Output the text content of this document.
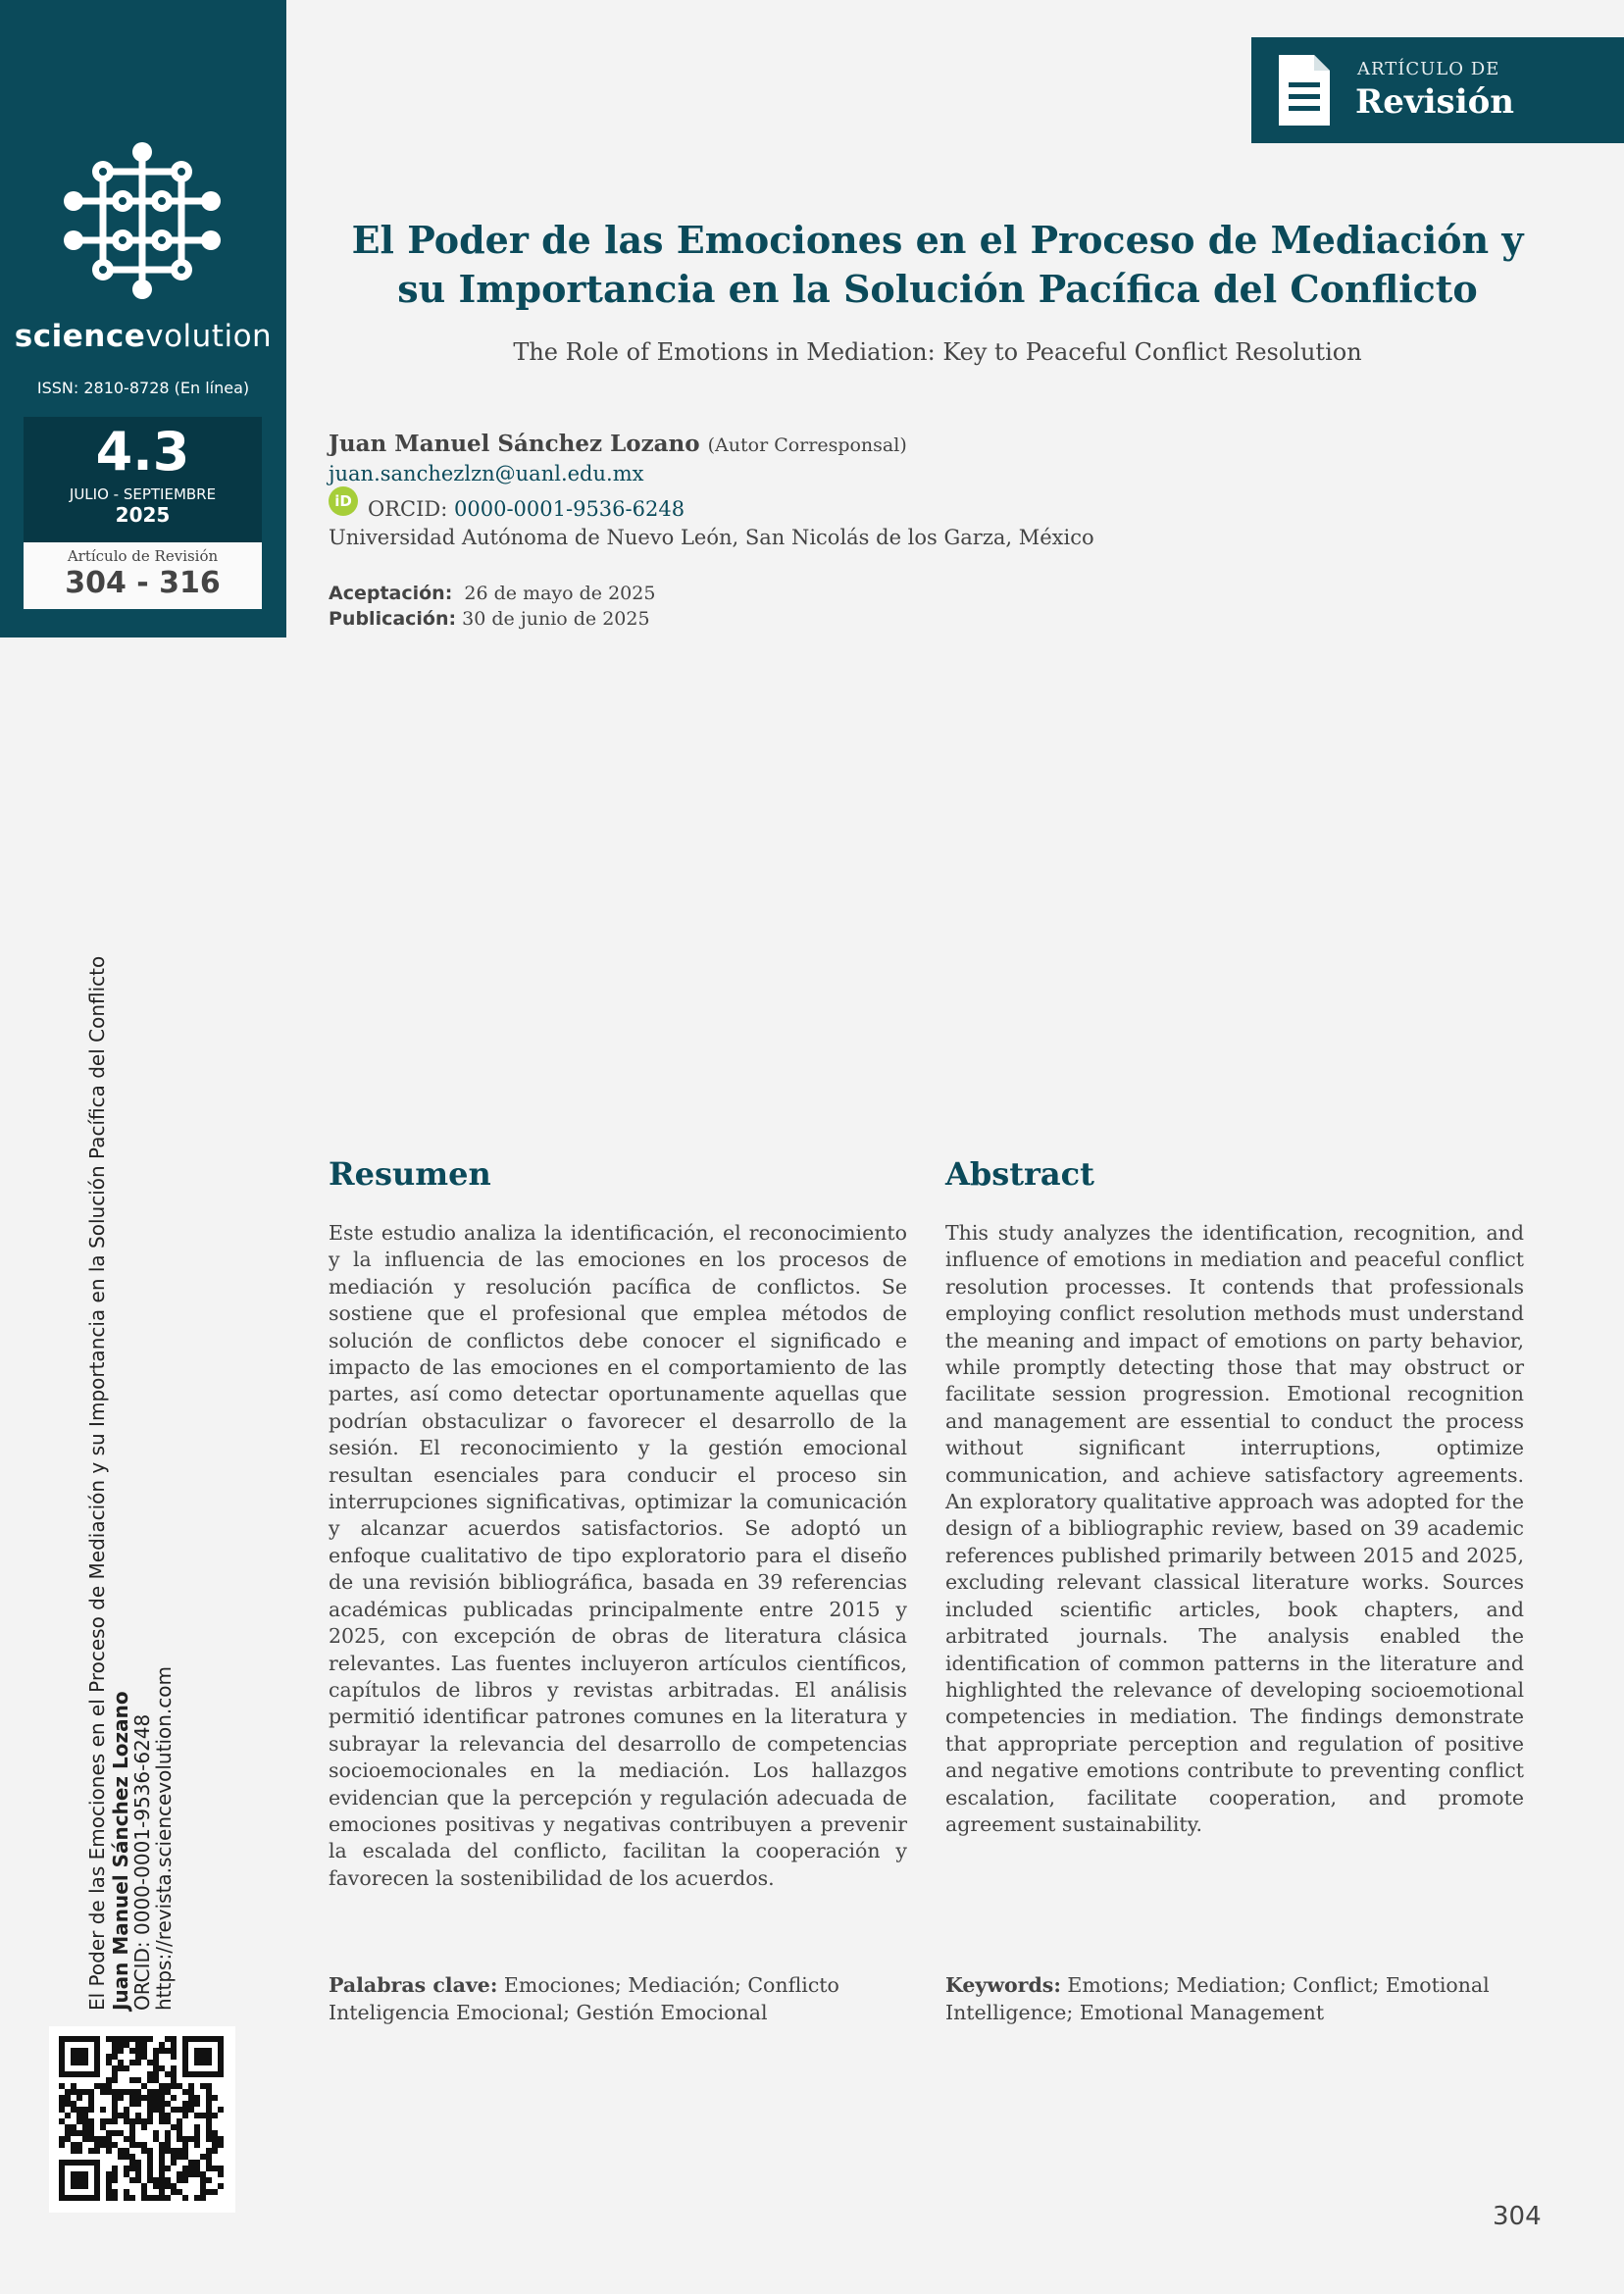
sciencevolution
ISSN: 2810-8728 (En línea)
4.3
JULIO - SEPTIEMBRE
2025
Artículo de Revisión
304 - 316
ARTÍCULO DE
Revisión
El Poder de las Emociones en el Proceso de Mediación y su Importancia en la Solución Pacífica del Conflicto
The Role of Emotions in Mediation: Key to Peaceful Conflict Resolution
Juan Manuel Sánchez Lozano (Autor Corresponsal)
juan.sanchezlzn@uanl.edu.mx
iD ORCID:
0000-0001-9536-6248
Universidad Autónoma de Nuevo León, San Nicolás de los Garza, México
Aceptación: 26 de mayo de 2025
Publicación: 30 de junio de 2025
Resumen
Este estudio analiza la identificación, el reconocimiento y la influencia de las emociones en los procesos de mediación y resolución pacífica de conflictos. Se sostiene que el profesional que emplea métodos de solución de conflictos debe conocer el significado e impacto de las emociones en el comportamiento de las partes, así como detectar oportunamente aquellas que podrían obstaculizar o favorecer el desarrollo de la sesión. El reconocimiento y la gestión emocional resultan esenciales para conducir el proceso sin interrupciones significativas, optimizar la comunicación y alcanzar acuerdos satisfactorios. Se adoptó un enfoque cualitativo de tipo exploratorio para el diseño de una revisión bibliográfica, basada en 39 referencias académicas publicadas principalmente entre 2015 y 2025, con excepción de obras de literatura clásica relevantes. Las fuentes incluyeron artículos científicos, capítulos de libros y revistas arbitradas. El análisis permitió identificar patrones comunes en la literatura y subrayar la relevancia del desarrollo de competencias socioemocionales en la mediación. Los hallazgos evidencian que la percepción y regulación adecuada de emociones positivas y negativas contribuyen a prevenir la escalada del conflicto, facilitan la cooperación y favorecen la sostenibilidad de los acuerdos.
Palabras clave: Emociones; Mediación; Conflicto Inteligencia Emocional; Gestión Emocional
Abstract
This study analyzes the identification, recognition, and influence of emotions in mediation and peaceful conflict resolution processes. It contends that professionals employing conflict resolution methods must understand the meaning and impact of emotions on party behavior, while promptly detecting those that may obstruct or facilitate session progression. Emotional recognition and management are essential to conduct the process without significant interruptions, optimize communication, and achieve satisfactory agreements. An exploratory qualitative approach was adopted for the design of a bibliographic review, based on 39 academic references published primarily between 2015 and 2025, excluding relevant classical literature works. Sources included scientific articles, book chapters, and arbitrated journals. The analysis enabled the identification of common patterns in the literature and highlighted the relevance of developing socioemotional competencies in mediation. The findings demonstrate that appropriate perception and regulation of positive and negative emotions contribute to preventing conflict escalation, facilitate cooperation, and promote agreement sustainability.
Keywords: Emotions; Mediation; Conflict; Emotional Intelligence; Emotional Management
El Poder de las Emociones en el Proceso de Mediación y su Importancia en la Solución Pacífica del Conflicto Juan Manuel Sánchez Lozano
ORCID: 0000-0001-9536-6248
https://revista.sciencevolution.com
304
